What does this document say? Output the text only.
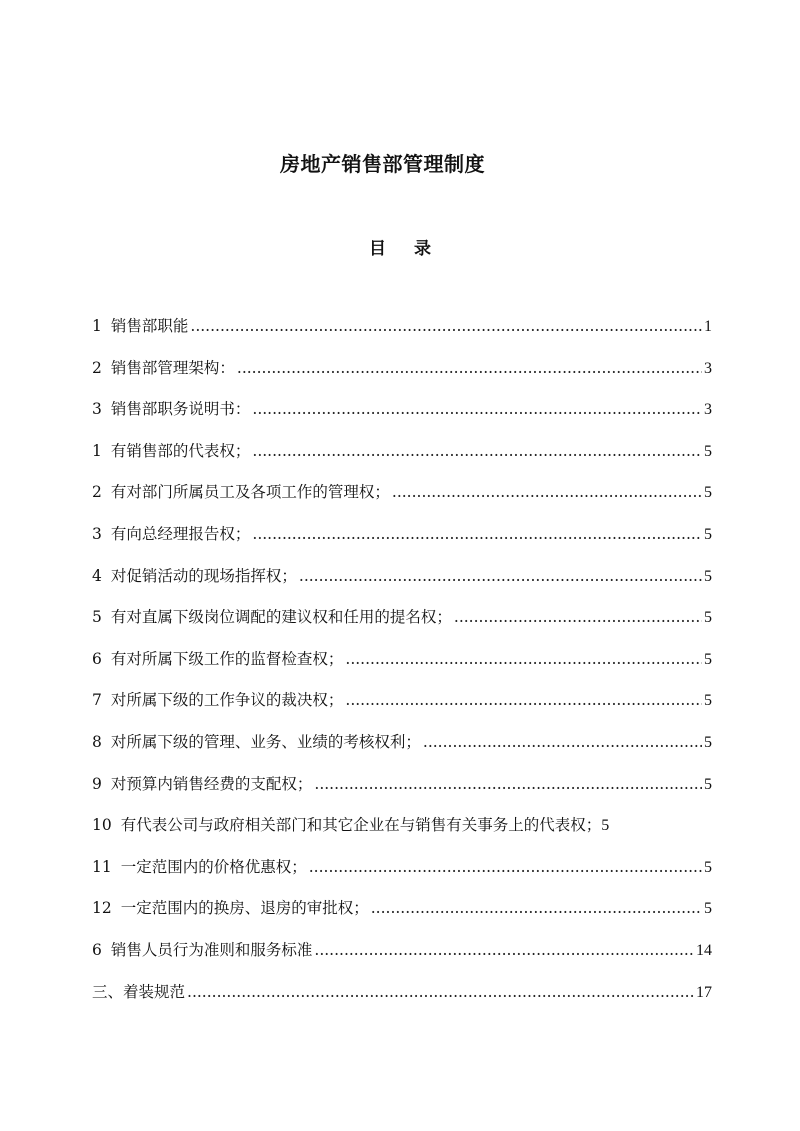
房地产销售部管理制度
目录
1 销售部职能 .....	1
2 销售部管理架构： .....	3
3 销售部职务说明书： .....	3
1 有销售部的代表权； .....	5
2 有对部门所属员工及各项工作的管理权； .....	5
3 有向总经理报告权； .....	5
4 对促销活动的现场指挥权； .....	5
5 有对直属下级岗位调配的建议权和任用的提名权； .....	5
6 有对所属下级工作的监督检查权； .....	5
7 对所属下级的工作争议的裁决权； .....	5
8 对所属下级的管理、业务、业绩的考核权利； .....	5
9 对预算内销售经费的支配权； .....	5
10 有代表公司与政府相关部门和其它企业在与销售有关事务上的代表权； 5
11 一定范围内的价格优惠权； .....	5
12 一定范围内的换房、退房的审批权； .....	5
6 销售人员行为准则和服务标准 .....	14
三、着装规范 .....	17
